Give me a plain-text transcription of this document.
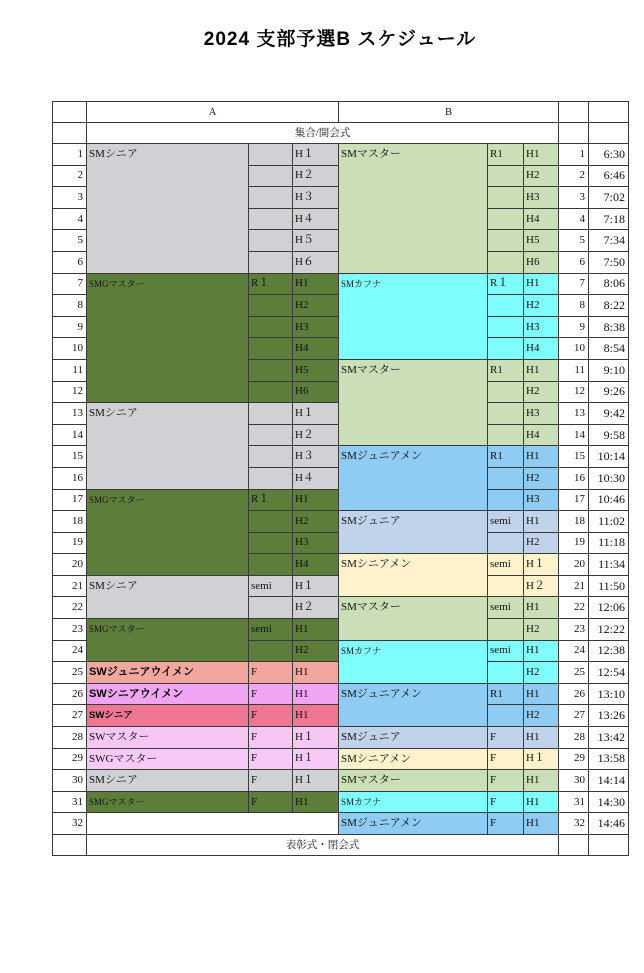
2024 支部予選B スケジュール
	A			B				
	集合/開会式							
1	SMシニア		H１	SMマスター	R1	H1	1	6:30
2			H２			H2	2	6:46
3			H３			H3	3	7:02
4			H４			H4	4	7:18
5			H５			H5	5	7:34
6			H６			H6	6	7:50
7	SMGマスター	R１	H1	SMカフナ	R１	H1	7	8:06
8			H2			H2	8	8:22
9			H3			H3	9	8:38
10			H4			H4	10	8:54
11			H5	SMマスター	R1	H1	11	9:10
12			H6			H2	12	9:26
13	SMシニア		H１			H3	13	9:42
14			H２			H4	14	9:58
15			H３	SMジュニアメン	R1	H1	15	10:14
16			H４			H2	16	10:30
17	SMGマスター	R１	H1			H3	17	10:46
18			H2	SMジュニア	semi	H1	18	11:02
19			H3			H2	19	11:18
20			H4	SMシニアメン	semi	H１	20	11:34
21	SMシニア	semi	H１			H２	21	11:50
22			H２	SMマスター	semi	H1	22	12:06
23	SMGマスター	semi	H1			H2	23	12:22
24			H2	SMカフナ	semi	H1	24	12:38
25	SWジュニアウイメン	F	H1			H2	25	12:54
26	SWシニアウイメン	F	H1	SMジュニアメン	R1	H1	26	13:10
27	SWシニア	F	H1			H2	27	13:26
28	SWマスター	F	H１	SMジュニア	F	H1	28	13:42
29	SWGマスター	F	H１	SMシニアメン	F	H１	29	13:58
30	SMシニア	F	H１	SMマスター	F	H1	30	14:14
31	SMGマスター	F	H1	SMカフナ	F	H1	31	14:30
32				SMジュニアメン	F	H1	32	14:46
	表彰式・閉会式							
